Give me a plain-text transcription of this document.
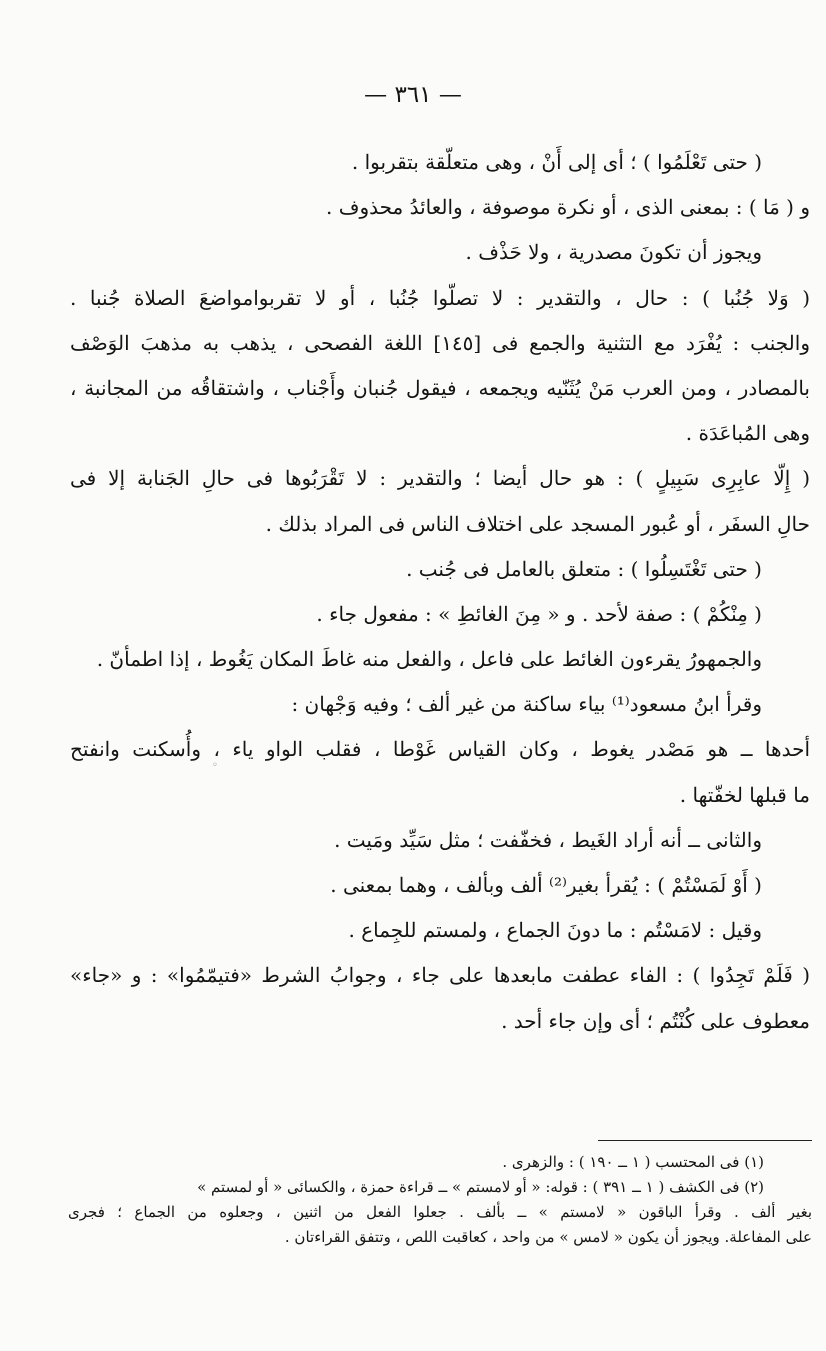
— ٣٦١ —
( حتى تَعْلَمُوا ) ؛ أى إلى أَنْ ، وهى متعلّقة بتقربوا .
و ( مَا ) : بمعنى الذى ، أو نكرة موصوفة ، والعائدُ محذوف .
ويجوز أن تكونَ مصدرية ، ولا حَذْف .
( وَلا جُنُبا ) : حال ، والتقدير : لا تصلّوا جُنُبا ، أو لا تقربوامواضعَ الصلاة جُنبا .
والجنب : يُفْرَد مع التثنية والجمع فى [١٤٥] اللغة الفصحى ، يذهب به مذهبَ الوَصْف
بالمصادر ، ومن العرب مَنْ يُثَنّيه ويجمعه ، فيقول جُنبان وأَجْناب ، واشتقاقُه من المجانبة ،
وهى المُباعَدَة .
( إِلّا عابِرِى سَبِيلٍ ) : هو حال أيضا ؛ والتقدير : لا تَقْرَبُوها فى حالِ الجَنابة إلا فى
حالِ السفَر ، أو عُبور المسجد على اختلاف الناس فى المراد بذلك .
( حتى تَغْتَسِلُوا ) : متعلق بالعامل فى جُنب .
( مِنْكُمْ ) : صفة لأحد . و « مِنَ الغائطِ » : مفعول جاء .
والجمهورُ يقرءون الغائط على فاعل ، والفعل منه غاطَ المكان يَغُوط ، إذا اطمأنّ .
وقرأ ابنُ مسعود⁽¹⁾ بياء ساكنة من غير ألف ؛ وفيه وَجْهان :
أحدها ــ هو مَصْدر يغوط ، وكان القياس غَوْطا ، فقلب الواو ياء ، وأُسكنت وانفتح
ما قبلها لخفّتها .
والثانى ــ أنه أراد الغَيط ، فخفّفت ؛ مثل سَيِّد ومَيت .
( أَوْ لَمَسْتُمْ ) : يُقرأ بغير⁽²⁾ ألف وبألف ، وهما بمعنى .
وقيل : لامَسْتُم : ما دونَ الجماع ، ولمستم للجِماع .
( فَلَمْ تَجِدُوا ) : الفاء عطفت مابعدها على جاء ، وجوابُ الشرط «فتيمّمُوا» : و «جاء»
معطوف على كُنْتُم ؛ أى وإن جاء أحد .
(١) فى المحتسب ( ١ ــ ١٩٠ ) : والزهرى .
(٢) فى الكشف ( ١ ــ ٣٩١ ) : قوله: « أو لامستم » ــ قراءة حمزة ، والكسائى « أو لمستم »
بغير ألف . وقرأ الباقون « لامستم » ــ بألف . جعلوا الفعل من اثنين ، وجعلوه من الجماع ؛ فجرى
على المفاعلة. ويجوز أن يكون « لامس » من واحد ، كعاقبت اللص ، وتتفق القراءتان .
◦
